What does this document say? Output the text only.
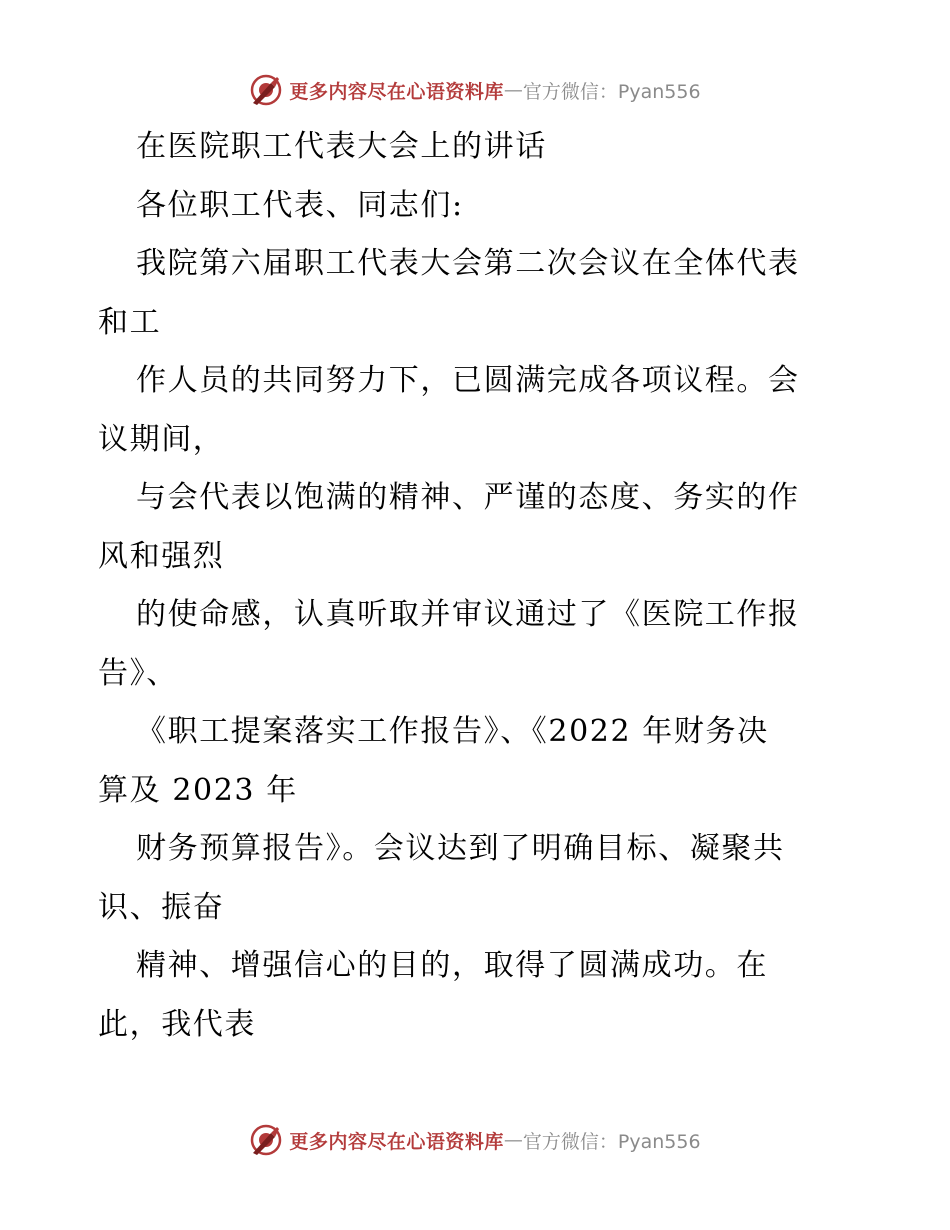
更多内容尽在心语资料库 — 官方微信：Pyan556
在医院职工代表大会上的讲话
各位职工代表、同志们:
我院第六届职工代表大会第二次会议在全体代表
和工
作人员的共同努力下，已圆满完成各项议程。会
议期间，
与会代表以饱满的精神、严谨的态度、务实的作
风和强烈
的使命感，认真听取并审议通过了《医院工作报
告》、
《职工提案落实工作报告》、《2022 年财务决
算及 2023 年
财务预算报告》。会议达到了明确目标、凝聚共
识、振奋
精神、增强信心的目的，取得了圆满成功。在
此，我代表
更多内容尽在心语资料库 — 官方微信：Pyan556
